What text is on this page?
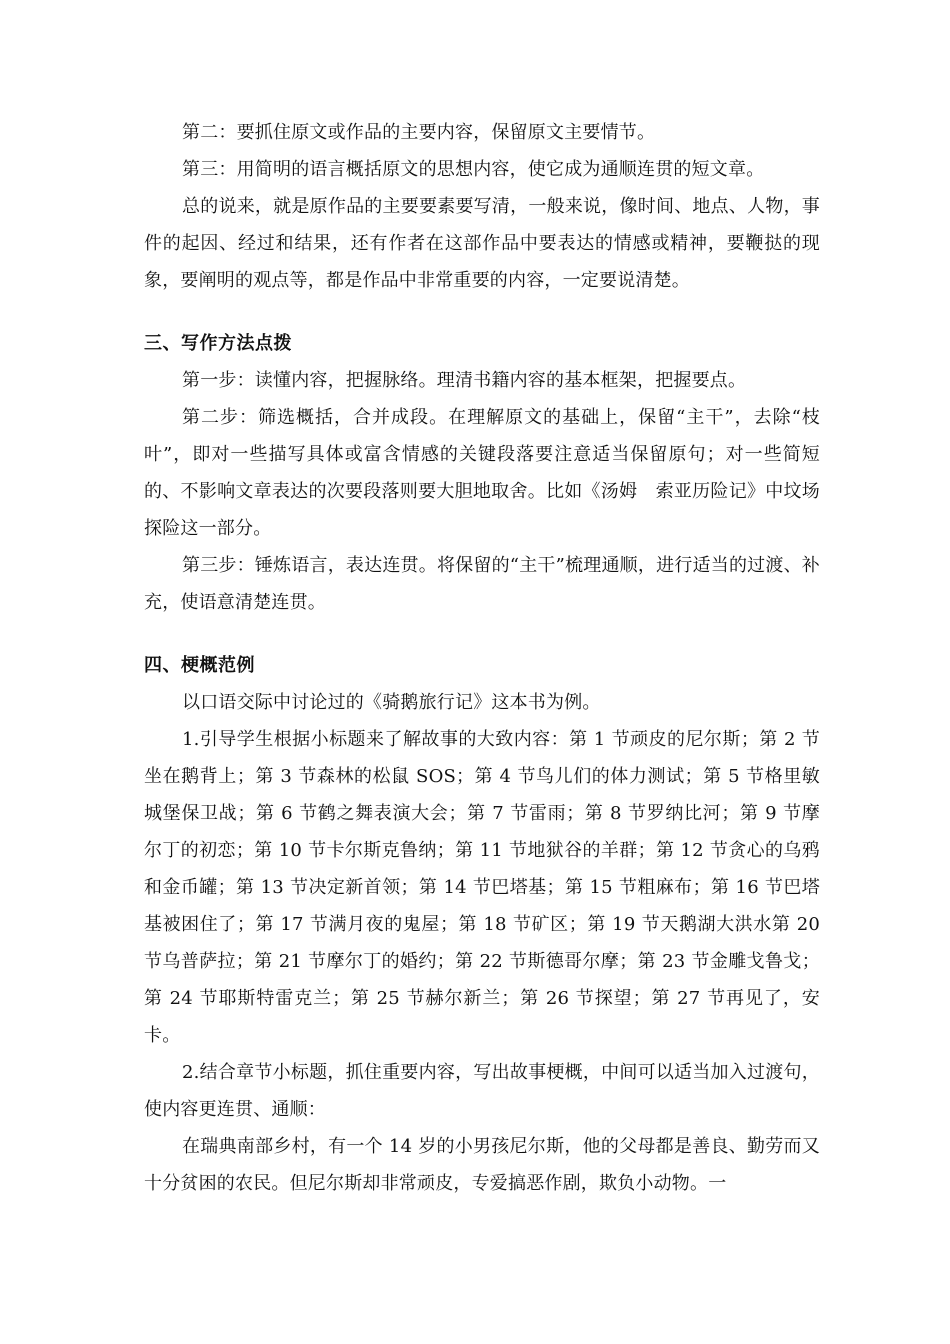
第二：要抓住原文或作品的主要内容，保留原文主要情节。

第三：用简明的语言概括原文的思想内容，使它成为通顺连贯的短文章。

总的说来，就是原作品的主要要素要写清，一般来说，像时间、地点、人物，事件的起因、经过和结果，还有作者在这部作品中要表达的情感或精神，要鞭挞的现象，要阐明的观点等，都是作品中非常重要的内容，一定要说清楚。

三、写作方法点拨

第一步：读懂内容，把握脉络。理清书籍内容的基本框架，把握要点。

第二步：筛选概括，合并成段。在理解原文的基础上，保留“主干”，去除“枝叶”，即对一些描写具体或富含情感的关键段落要注意适当保留原句；对一些简短的、不影响文章表达的次要段落则要大胆地取舍。比如《汤姆　索亚历险记》中坟场探险这一部分。

第三步：锤炼语言，表达连贯。将保留的“主干”梳理通顺，进行适当的过渡、补充，使语意清楚连贯。

四、梗概范例

以口语交际中讨论过的《骑鹅旅行记》这本书为例。

1.引导学生根据小标题来了解故事的大致内容：第 1 节顽皮的尼尔斯；第 2 节坐在鹅背上；第 3 节森林的松鼠 SOS；第 4 节鸟儿们的体力测试；第 5 节格里敏城堡保卫战；第 6 节鹤之舞表演大会；第 7 节雷雨；第 8 节罗纳比河；第 9 节摩尔丁的初恋；第 10 节卡尔斯克鲁纳；第 11 节地狱谷的羊群；第 12 节贪心的乌鸦和金币罐；第 13 节决定新首领；第 14 节巴塔基；第 15 节粗麻布；第 16 节巴塔基被困住了；第 17 节满月夜的鬼屋；第 18 节矿区；第 19 节天鹅湖大洪水第 20 节乌普萨拉；第 21 节摩尔丁的婚约；第 22 节斯德哥尔摩；第 23 节金雕戈鲁戈；第 24 节耶斯特雷克兰；第 25 节赫尔新兰；第 26 节探望；第 27 节再见了，安卡。

2.结合章节小标题，抓住重要内容，写出故事梗概，中间可以适当加入过渡句，使内容更连贯、通顺：

在瑞典南部乡村，有一个 14 岁的小男孩尼尔斯，他的父母都是善良、勤劳而又十分贫困的农民。但尼尔斯却非常顽皮，专爱搞恶作剧，欺负小动物。一
